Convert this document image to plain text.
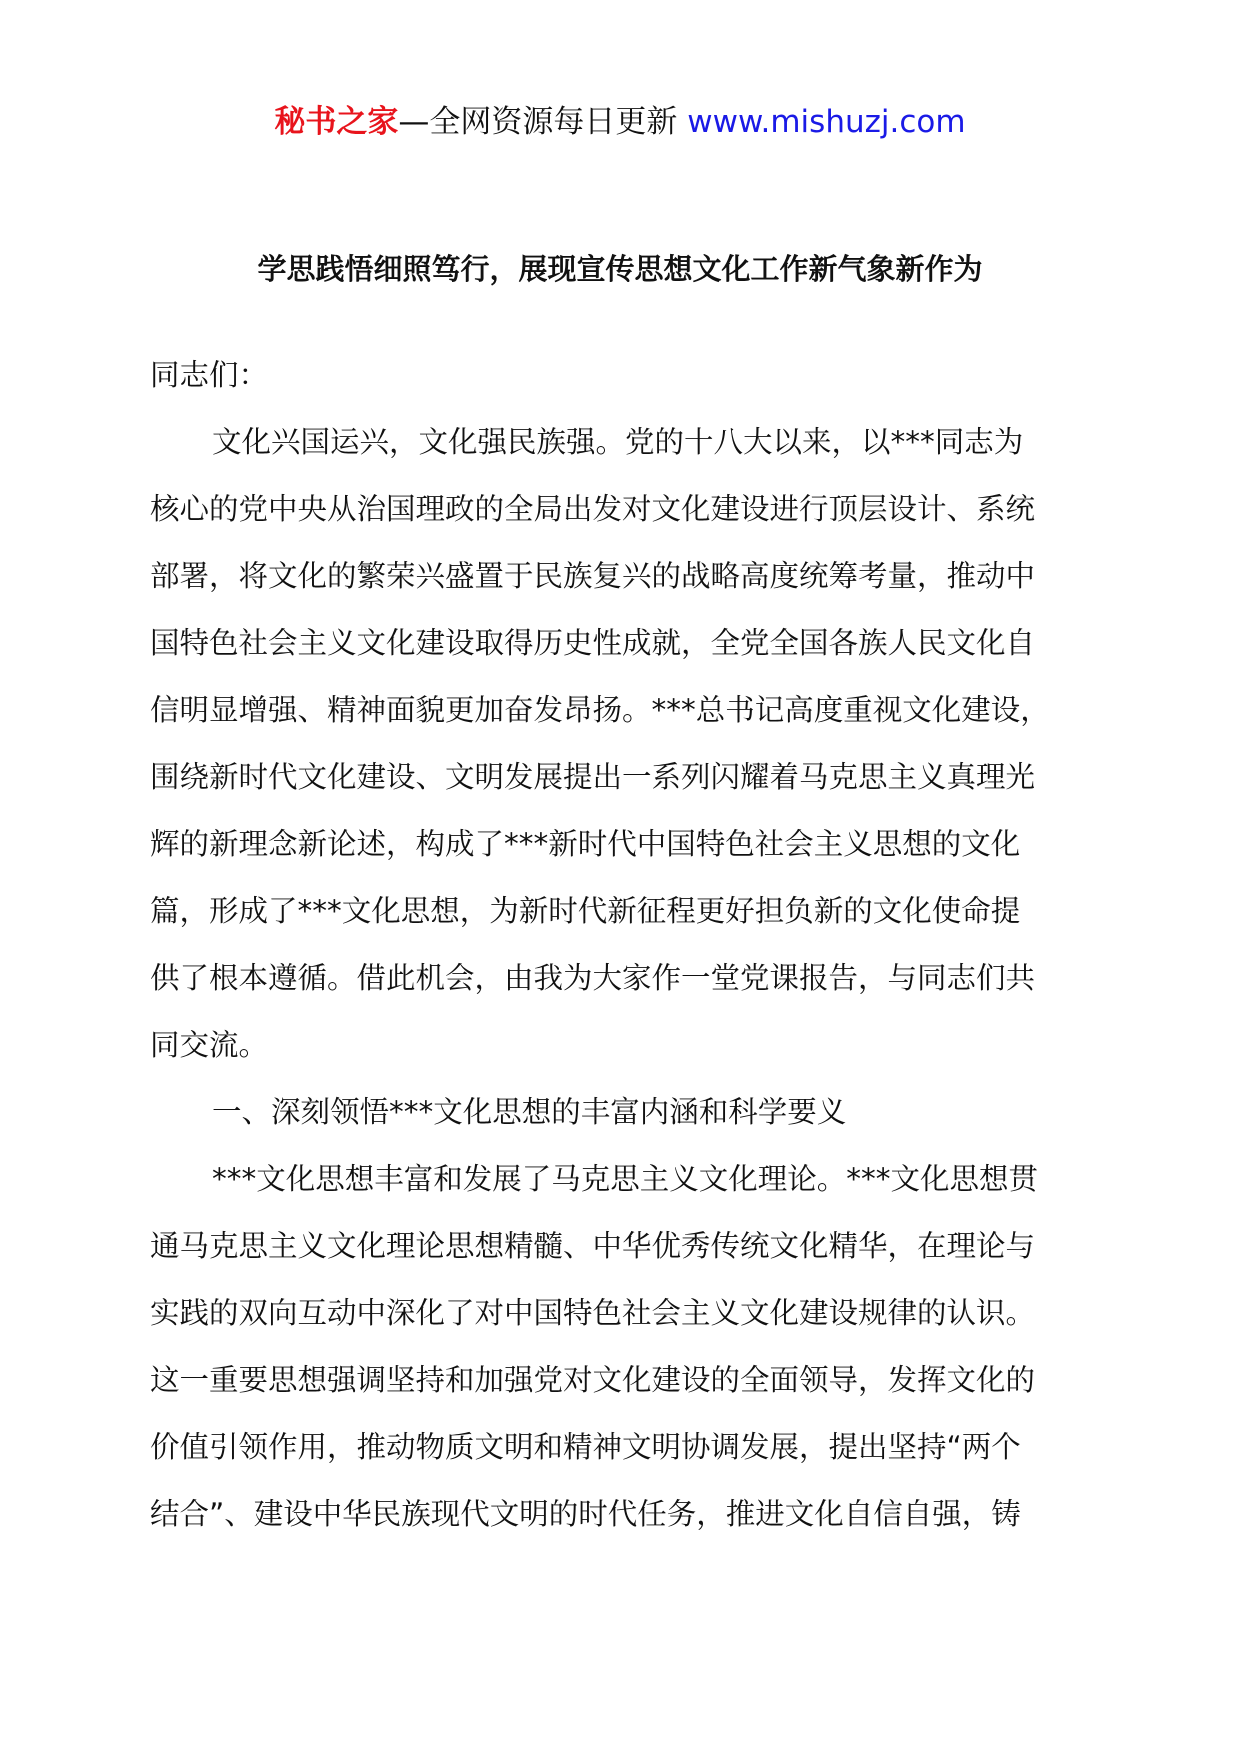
秘书之家—全网资源每日更新 www.mishuzj.com
学思践悟细照笃行，展现宣传思想文化工作新气象新作为
同志们：
文化兴国运兴，文化强民族强。党的十八大以来，以***同志为
核心的党中央从治国理政的全局出发对文化建设进行顶层设计、系统
部署，将文化的繁荣兴盛置于民族复兴的战略高度统筹考量，推动中
国特色社会主义文化建设取得历史性成就，全党全国各族人民文化自
信明显增强、精神面貌更加奋发昂扬。***总书记高度重视文化建设，
围绕新时代文化建设、文明发展提出一系列闪耀着马克思主义真理光
辉的新理念新论述，构成了***新时代中国特色社会主义思想的文化
篇，形成了***文化思想，为新时代新征程更好担负新的文化使命提
供了根本遵循。借此机会，由我为大家作一堂党课报告，与同志们共
同交流。
一、深刻领悟***文化思想的丰富内涵和科学要义
***文化思想丰富和发展了马克思主义文化理论。***文化思想贯
通马克思主义文化理论思想精髓、中华优秀传统文化精华，在理论与
实践的双向互动中深化了对中国特色社会主义文化建设规律的认识。
这一重要思想强调坚持和加强党对文化建设的全面领导，发挥文化的
价值引领作用，推动物质文明和精神文明协调发展，提出坚持“两个
结合”、建设中华民族现代文明的时代任务，推进文化自信自强，铸
